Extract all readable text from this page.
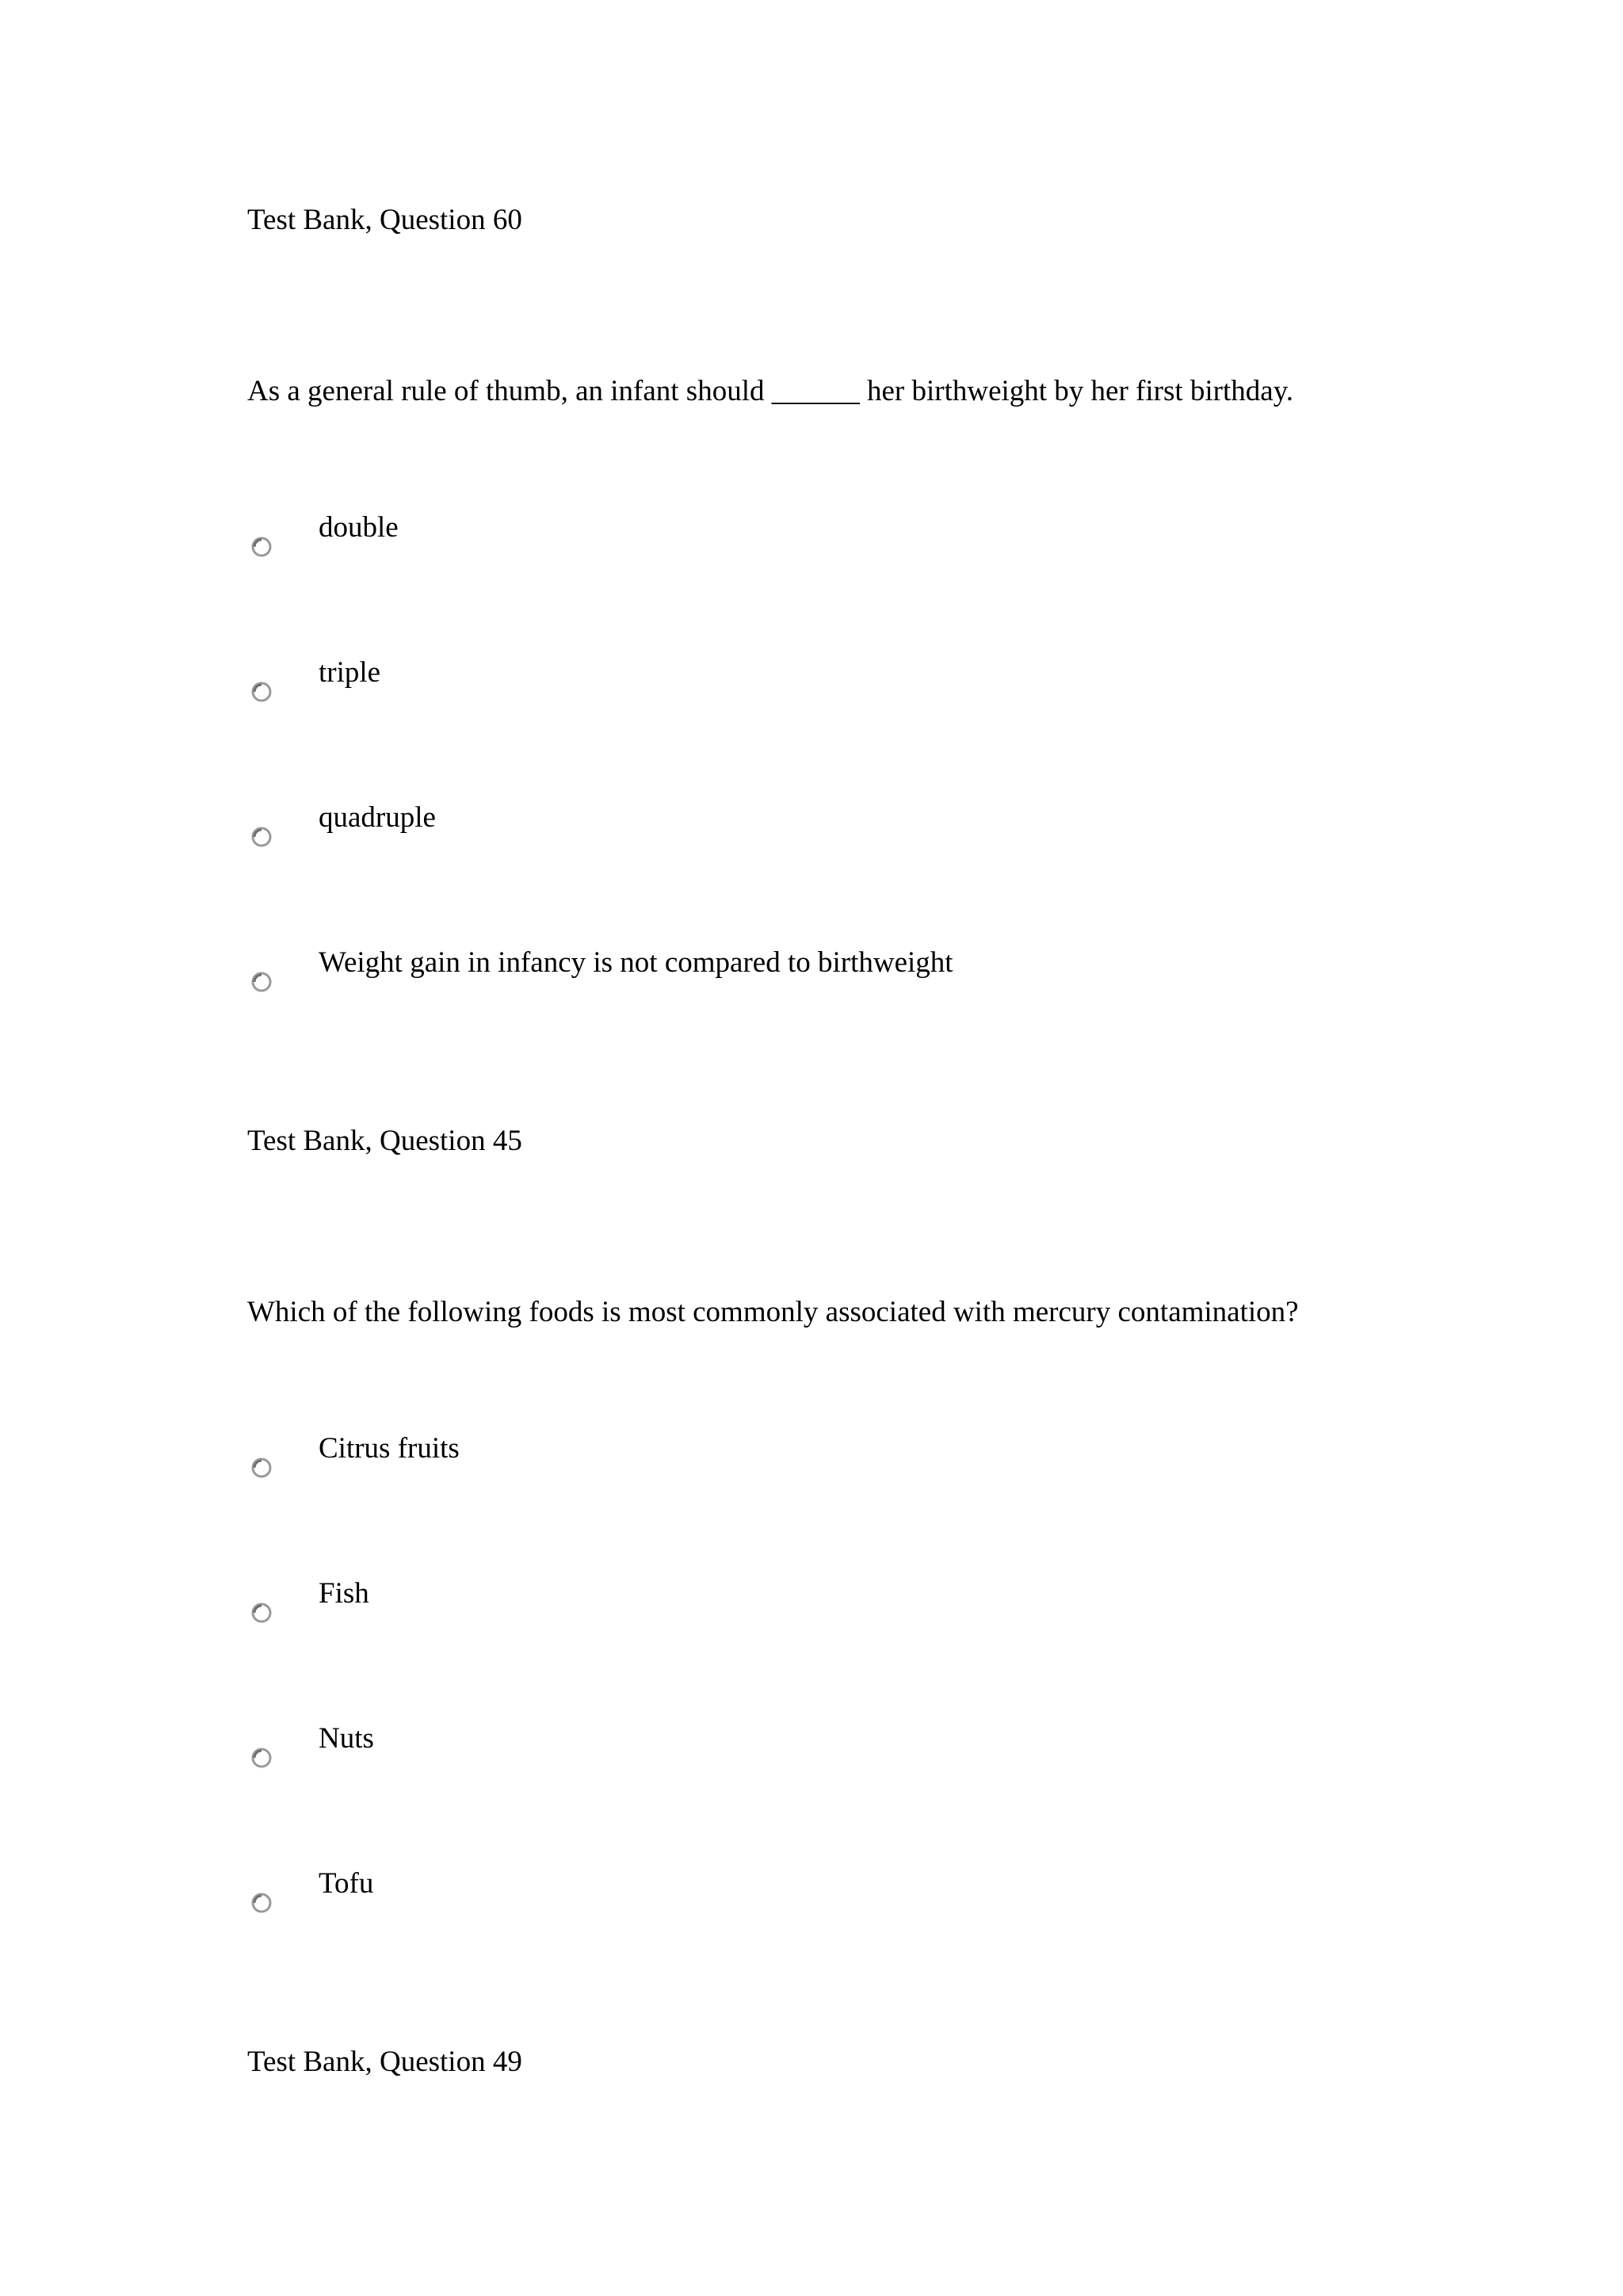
Test Bank, Question 60
As a general rule of thumb, an infant should ______ her birthweight by her first birthday.
double
triple
quadruple
Weight gain in infancy is not compared to birthweight
Test Bank, Question 45
Which of the following foods is most commonly associated with mercury contamination?
Citrus fruits
Fish
Nuts
Tofu
Test Bank, Question 49
